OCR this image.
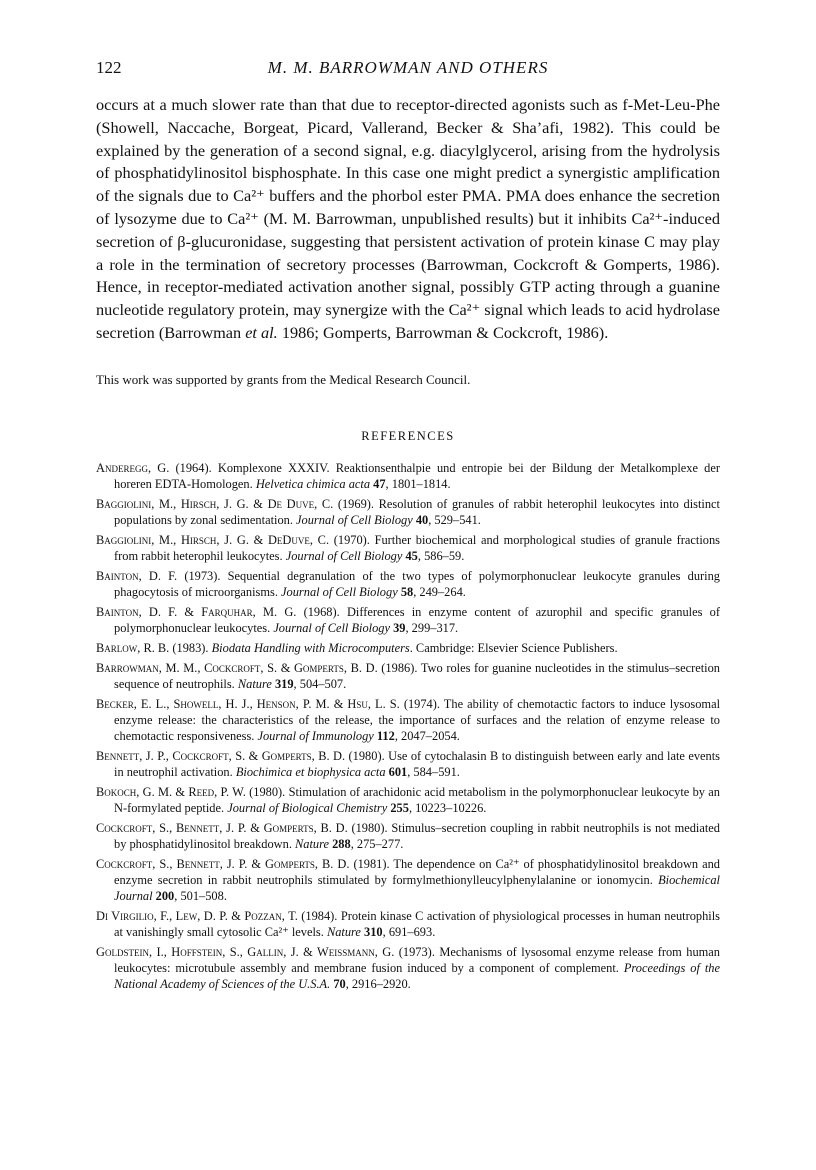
122	M. M. BARROWMAN AND OTHERS

occurs at a much slower rate than that due to receptor-directed agonists such as f-Met-Leu-Phe (Showell, Naccache, Borgeat, Picard, Vallerand, Becker & Sha’afi, 1982). This could be explained by the generation of a second signal, e.g. diacylglycerol, arising from the hydrolysis of phosphatidylinositol bisphosphate. In this case one might predict a synergistic amplification of the signals due to Ca²⁺ buffers and the phorbol ester PMA. PMA does enhance the secretion of lysozyme due to Ca²⁺ (M. M. Barrowman, unpublished results) but it inhibits Ca²⁺-induced secretion of β-glucuronidase, suggesting that persistent activation of protein kinase C may play a role in the termination of secretory processes (Barrowman, Cockcroft & Gomperts, 1986). Hence, in receptor-mediated activation another signal, possibly GTP acting through a guanine nucleotide regulatory protein, may synergize with the Ca²⁺ signal which leads to acid hydrolase secretion (Barrowman et al. 1986; Gomperts, Barrowman & Cockcroft, 1986).

This work was supported by grants from the Medical Research Council.

REFERENCES

Anderegg, G. (1964). Komplexone XXXIV. Reaktionsenthalpie und entropie bei der Bildung der Metalkomplexe der horeren EDTA-Homologen. Helvetica chimica acta 47, 1801–1814.

Baggiolini, M., Hirsch, J. G. & De Duve, C. (1969). Resolution of granules of rabbit heterophil leukocytes into distinct populations by zonal sedimentation. Journal of Cell Biology 40, 529–541.

Baggiolini, M., Hirsch, J. G. & DeDuve, C. (1970). Further biochemical and morphological studies of granule fractions from rabbit heterophil leukocytes. Journal of Cell Biology 45, 586–59.

Bainton, D. F. (1973). Sequential degranulation of the two types of polymorphonuclear leukocyte granules during phagocytosis of microorganisms. Journal of Cell Biology 58, 249–264.

Bainton, D. F. & Farquhar, M. G. (1968). Differences in enzyme content of azurophil and specific granules of polymorphonuclear leukocytes. Journal of Cell Biology 39, 299–317.

Barlow, R. B. (1983). Biodata Handling with Microcomputers. Cambridge: Elsevier Science Publishers.

Barrowman, M. M., Cockcroft, S. & Gomperts, B. D. (1986). Two roles for guanine nucleotides in the stimulus–secretion sequence of neutrophils. Nature 319, 504–507.

Becker, E. L., Showell, H. J., Henson, P. M. & Hsu, L. S. (1974). The ability of chemotactic factors to induce lysosomal enzyme release: the characteristics of the release, the importance of surfaces and the relation of enzyme release to chemotactic responsiveness. Journal of Immunology 112, 2047–2054.

Bennett, J. P., Cockcroft, S. & Gomperts, B. D. (1980). Use of cytochalasin B to distinguish between early and late events in neutrophil activation. Biochimica et biophysica acta 601, 584–591.

Bokoch, G. M. & Reed, P. W. (1980). Stimulation of arachidonic acid metabolism in the polymorphonuclear leukocyte by an N-formylated peptide. Journal of Biological Chemistry 255, 10223–10226.

Cockcroft, S., Bennett, J. P. & Gomperts, B. D. (1980). Stimulus–secretion coupling in rabbit neutrophils is not mediated by phosphatidylinositol breakdown. Nature 288, 275–277.

Cockcroft, S., Bennett, J. P. & Gomperts, B. D. (1981). The dependence on Ca²⁺ of phosphatidylinositol breakdown and enzyme secretion in rabbit neutrophils stimulated by formylmethionylleucylphenylalanine or ionomycin. Biochemical Journal 200, 501–508.

Di Virgilio, F., Lew, D. P. & Pozzan, T. (1984). Protein kinase C activation of physiological processes in human neutrophils at vanishingly small cytosolic Ca²⁺ levels. Nature 310, 691–693.

Goldstein, I., Hoffstein, S., Gallin, J. & Weissmann, G. (1973). Mechanisms of lysosomal enzyme release from human leukocytes: microtubule assembly and membrane fusion induced by a component of complement. Proceedings of the National Academy of Sciences of the U.S.A. 70, 2916–2920.
